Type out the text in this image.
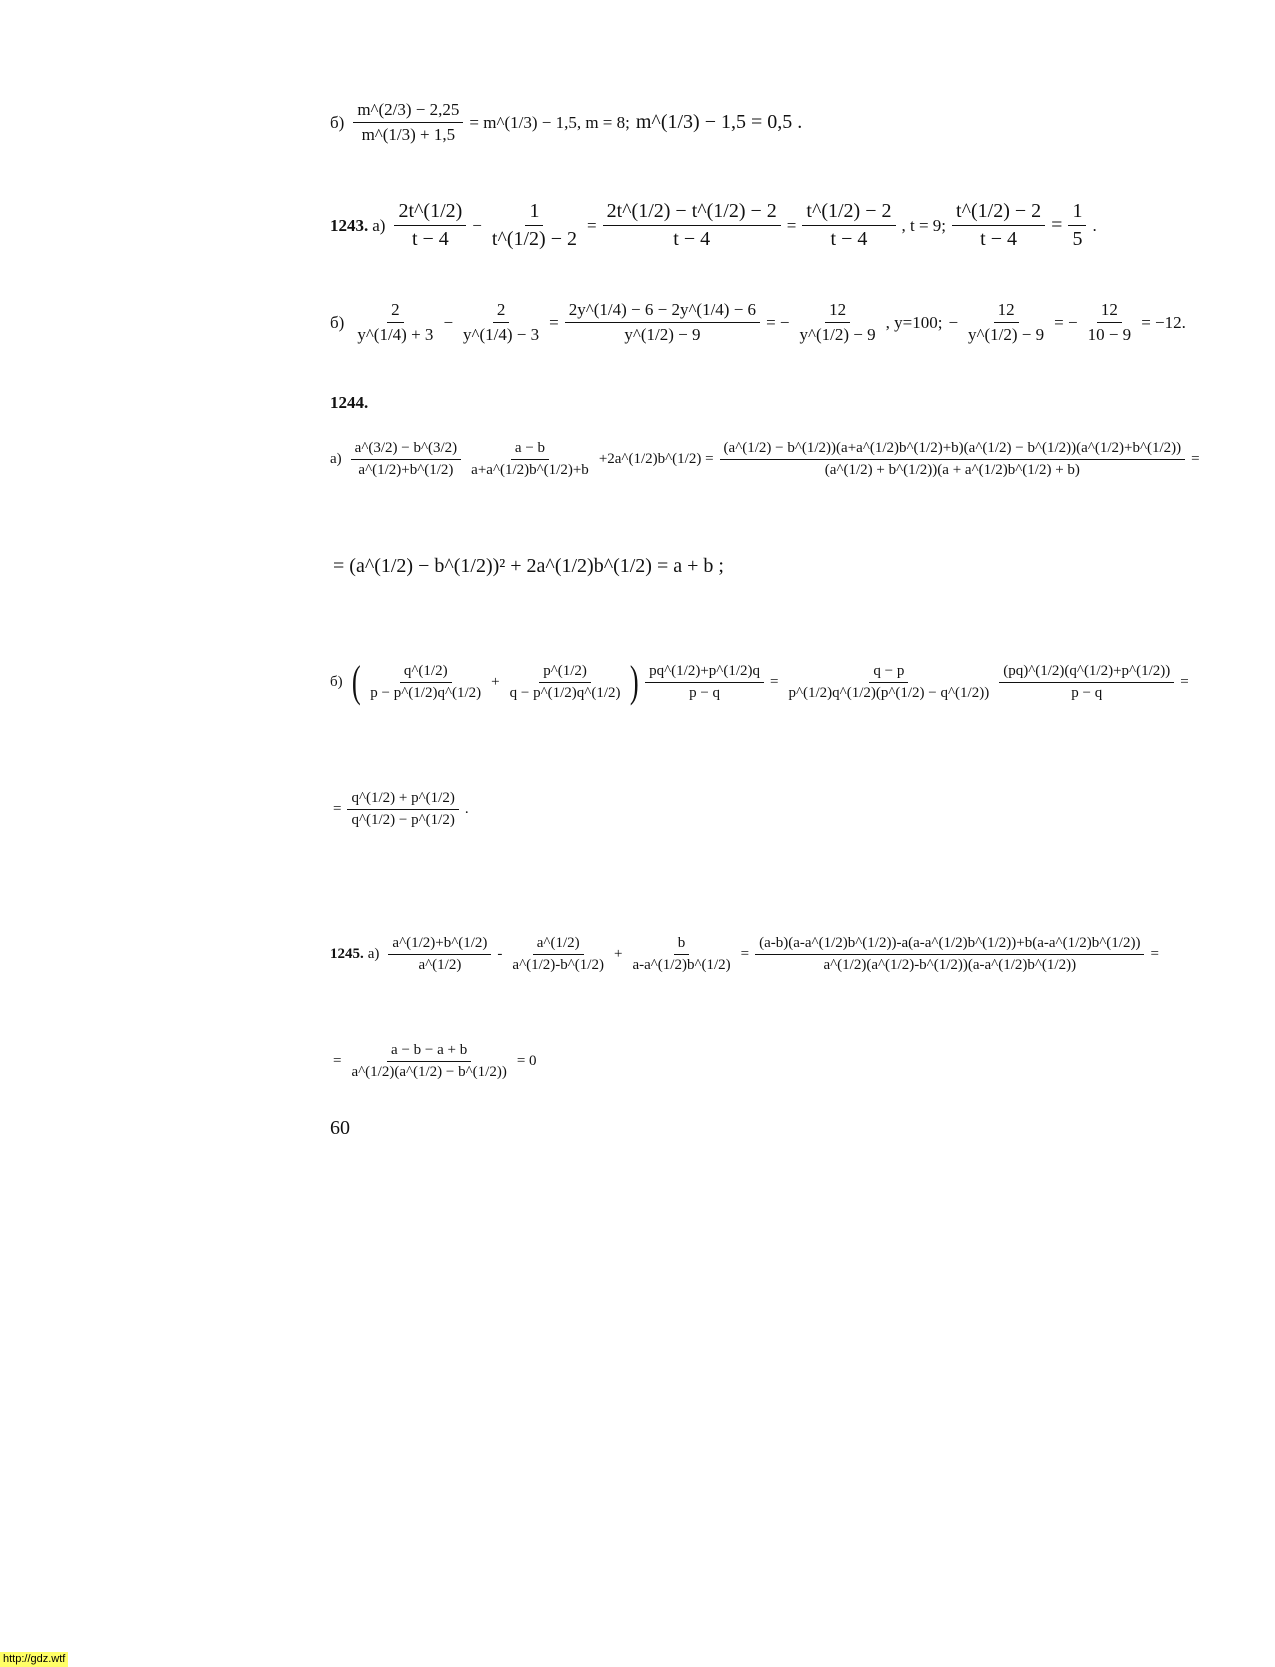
$б) \frac{m\^{}(2/3) - 2,25}{m\^{}(1/3) + 1,5}$ = m^(1/3) − 1,5, m = 8; m^(1/3) − 1,5 = 0,5 .
1243. $а) \frac{2t\^{}(1/2)}{t - 4} - \frac{1}{t\^{}(1/2) - 2} = \frac{2t\^{}(1/2) - t\^{}(1/2) - 2}{t - 4} = \frac{t\^{}(1/2) - 2}{t - 4}$ , t = 9; $\frac{t\^{}(1/2) - 2}{t - 4} = \frac{1}{5}$ .
$б) \frac{2}{y\^{}(1/4) + 3} - \frac{2}{y\^{}(1/4) - 3} = \frac{2y\^{}(1/4) - 6 - 2y\^{}(1/4) - 6}{y\^{}(1/2) - 9}$ = − $\frac{12}{y\^{}(1/2) - 9}$ , y=100; − $\frac{12}{y\^{}(1/2) - 9}$ = − $\frac{12}{10 - 9} = -12$.
1244.
$а) \frac{a\^{}(3/2) - b\^{}(3/2)}{a\^{}(1/2)+b\^{}(1/2)} \frac{a - b}{a+a\^{}(1/2)b\^{}(1/2)+b}$ +2a^(1/2)b^(1/2) =
(a^(1/2) − b^(1/2))(a+a^(1/2)b^(1/2)+b)(a^(1/2) − b^(1/2))(a^(1/2)+b^(1/2))
(a^(1/2) + b^(1/2))(a + a^(1/2)b^(1/2) + b)
=
= (a^(1/2) − b^(1/2))² + 2a^(1/2)b^(1/2) = a + b ;
б) ( $\frac{q\^{}(1/2)}{p - p\^{}(1/2)q\^{}(1/2)} + \frac{p\^{}(1/2)}{q - p\^{}(1/2)q\^{}(1/2)}$ ) $\frac{pq\^{}(1/2)+p\^{}(1/2)q}{p - q} = \frac{q - p}{p\^{}(1/2)q\^{}(1/2)(p\^{}(1/2) - q\^{}(1/2))} \frac{(pq)\^{}(1/2)(q\^{}(1/2)+p\^{}(1/2))}{p - q}$ =
= $\frac{q\^{}(1/2) + p\^{}(1/2)}{q\^{}(1/2) - p\^{}(1/2)}$ .
1245. $а) \frac{a\^{}(1/2)+b\^{}(1/2)}{a\^{}(1/2)} - \frac{a\^{}(1/2)}{a\^{}(1/2)-b\^{}(1/2)} + \frac{b}{a-a\^{}(1/2)b\^{}(1/2)}$ =
(a-b)(a-a^(1/2)b^(1/2))-a(a-a^(1/2)b^(1/2))+b(a-a^(1/2)b^(1/2))
a^(1/2)(a^(1/2)-b^(1/2))(a-a^(1/2)b^(1/2))
=
= $\frac{a - b - a + b}{a\^{}(1/2)(a\^{}(1/2) - b\^{}(1/2))} = 0$
60
http://gdz.wtf
